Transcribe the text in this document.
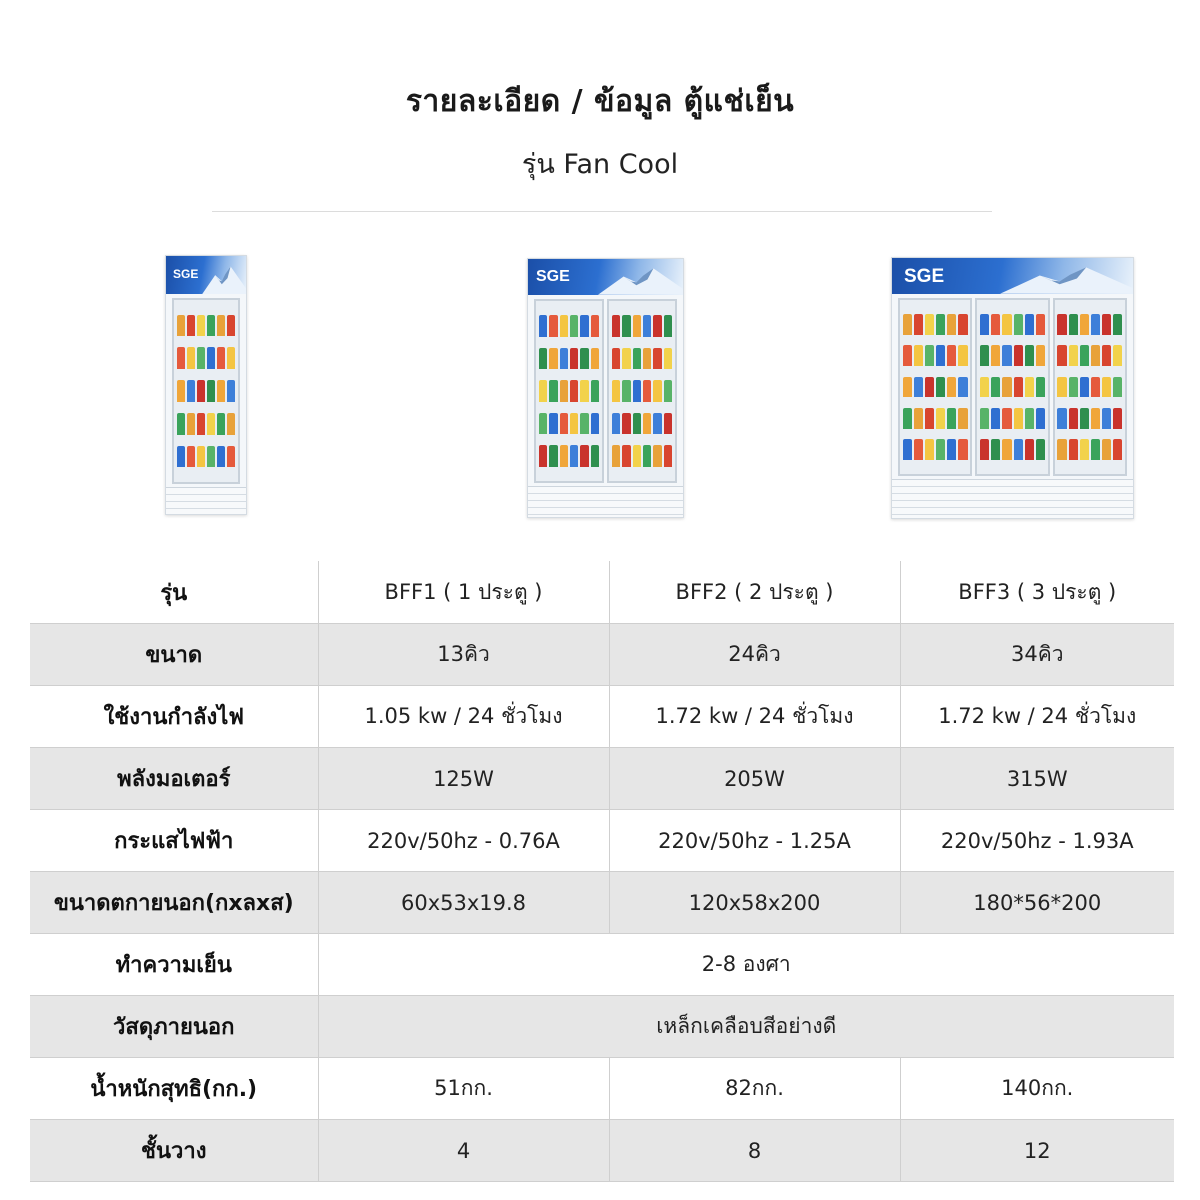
รายละเอียด / ข้อมูล ตู้แช่เย็น
รุ่น Fan Cool
SGE	SGE	SGE
รุ่น	BFF1 ( 1 ประตู )	BFF2 ( 2 ประตู )	BFF3 ( 3 ประตู )
ขนาด	13คิว	24คิว	34คิว
ใช้งานกำลังไฟ	1.05 kw / 24 ชั่วโมง	1.72 kw / 24 ชั่วโมง	1.72 kw / 24 ชั่วโมง
พลังมอเตอร์	125W	205W	315W
กระแสไฟฟ้า	220v/50hz - 0.76A	220v/50hz - 1.25A	220v/50hz - 1.93A
ขนาดตกายนอก(กxลxส)	60x53x19.8	120x58x200	180*56*200
ทำความเย็น	2-8 องศา		
วัสดุภายนอก	เหล็กเคลือบสีอย่างดี		
น้ำหนักสุทธิ(กก.)	51กก.	82กก.	140กก.
ชั้นวาง	4	8	12
